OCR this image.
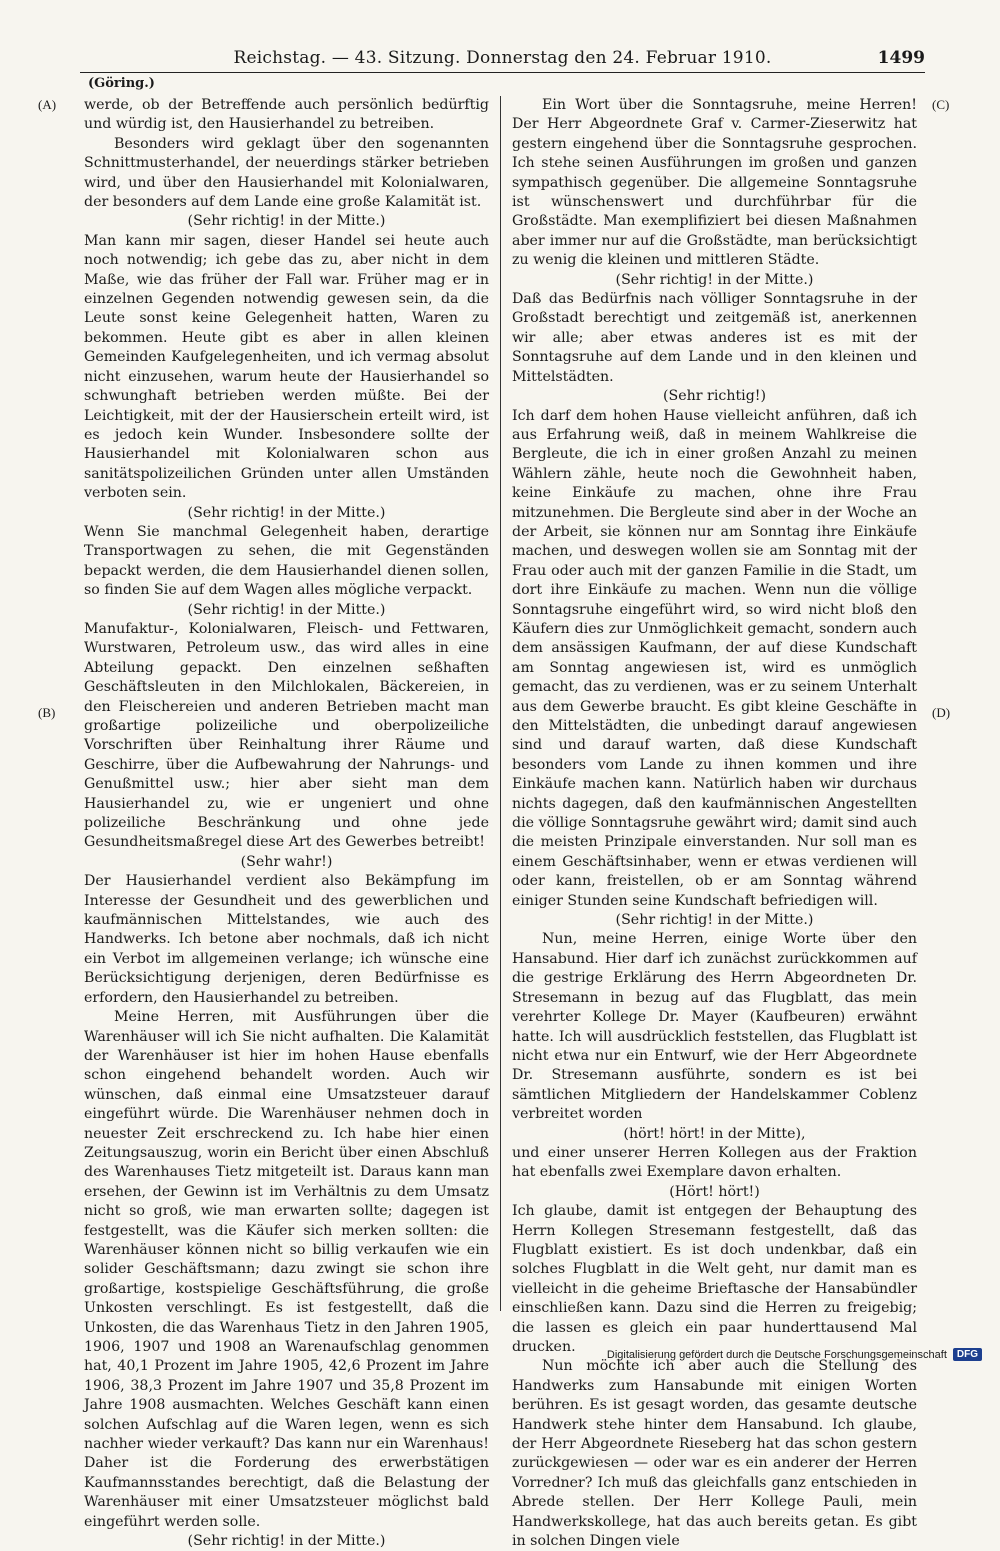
Reichstag. — 43. Sitzung. Donnerstag den 24. Februar 1910.	1499
(Göring.)
(A)
(B)
(C)
(D)

werde, ob der Betreffende auch persönlich bedürftig und würdig ist, den Hausierhandel zu betreiben.

Besonders wird geklagt über den sogenannten Schnittmusterhandel, der neuerdings stärker betrieben wird, und über den Hausierhandel mit Kolonialwaren, der besonders auf dem Lande eine große Kalamität ist.

(Sehr richtig! in der Mitte.)

Man kann mir sagen, dieser Handel sei heute auch noch notwendig; ich gebe das zu, aber nicht in dem Maße, wie das früher der Fall war. Früher mag er in einzelnen Gegenden notwendig gewesen sein, da die Leute sonst keine Gelegenheit hatten, Waren zu bekommen. Heute gibt es aber in allen kleinen Gemeinden Kaufgelegenheiten, und ich vermag absolut nicht einzusehen, warum heute der Hausierhandel so schwunghaft betrieben werden müßte. Bei der Leichtigkeit, mit der der Hausierschein erteilt wird, ist es jedoch kein Wunder. Insbesondere sollte der Hausierhandel mit Kolonialwaren schon aus sanitätspolizeilichen Gründen unter allen Umständen verboten sein.

(Sehr richtig! in der Mitte.)

Wenn Sie manchmal Gelegenheit haben, derartige Transportwagen zu sehen, die mit Gegenständen bepackt werden, die dem Hausierhandel dienen sollen, so finden Sie auf dem Wagen alles mögliche verpackt.

(Sehr richtig! in der Mitte.)

Manufaktur-, Kolonialwaren, Fleisch- und Fettwaren, Wurstwaren, Petroleum usw., das wird alles in eine Abteilung gepackt. Den einzelnen seßhaften Geschäftsleuten in den Milchlokalen, Bäckereien, in den Fleischereien und anderen Betrieben macht man großartige polizeiliche und oberpolizeiliche Vorschriften über Reinhaltung ihrer Räume und Geschirre, über die Aufbewahrung der Nahrungs- und Genußmittel usw.; hier aber sieht man dem Hausierhandel zu, wie er ungeniert und ohne polizeiliche Beschränkung und ohne jede Gesundheitsmaßregel diese Art des Gewerbes betreibt!

(Sehr wahr!)

Der Hausierhandel verdient also Bekämpfung im Interesse der Gesundheit und des gewerblichen und kaufmännischen Mittelstandes, wie auch des Handwerks. Ich betone aber nochmals, daß ich nicht ein Verbot im allgemeinen verlange; ich wünsche eine Berücksichtigung derjenigen, deren Bedürfnisse es erfordern, den Hausierhandel zu betreiben.

Meine Herren, mit Ausführungen über die Warenhäuser will ich Sie nicht aufhalten. Die Kalamität der Warenhäuser ist hier im hohen Hause ebenfalls schon eingehend behandelt worden. Auch wir wünschen, daß einmal eine Umsatzsteuer darauf eingeführt würde. Die Warenhäuser nehmen doch in neuester Zeit erschreckend zu. Ich habe hier einen Zeitungsauszug, worin ein Bericht über einen Abschluß des Warenhauses Tietz mitgeteilt ist. Daraus kann man ersehen, der Gewinn ist im Verhältnis zu dem Umsatz nicht so groß, wie man erwarten sollte; dagegen ist festgestellt, was die Käufer sich merken sollten: die Warenhäuser können nicht so billig verkaufen wie ein solider Geschäftsmann; dazu zwingt sie schon ihre großartige, kostspielige Geschäftsführung, die große Unkosten verschlingt. Es ist festgestellt, daß die Unkosten, die das Warenhaus Tietz in den Jahren 1905, 1906, 1907 und 1908 an Warenaufschlag genommen hat, 40,1 Prozent im Jahre 1905, 42,6 Prozent im Jahre 1906, 38,3 Prozent im Jahre 1907 und 35,8 Prozent im Jahre 1908 ausmachten. Welches Geschäft kann einen solchen Aufschlag auf die Waren legen, wenn es sich nachher wieder verkauft? Das kann nur ein Warenhaus! Daher ist die Forderung des erwerbstätigen Kaufmannsstandes berechtigt, daß die Belastung der Warenhäuser mit einer Umsatzsteuer möglichst bald eingeführt werden solle.

(Sehr richtig! in der Mitte.)

Ein Wort über die Sonntagsruhe, meine Herren! Der Herr Abgeordnete Graf v. Carmer-Zieserwitz hat gestern eingehend über die Sonntagsruhe gesprochen. Ich stehe seinen Ausführungen im großen und ganzen sympathisch gegenüber. Die allgemeine Sonntagsruhe ist wünschenswert und durchführbar für die Großstädte. Man exemplifiziert bei diesen Maßnahmen aber immer nur auf die Großstädte, man berücksichtigt zu wenig die kleinen und mittleren Städte.

(Sehr richtig! in der Mitte.)

Daß das Bedürfnis nach völliger Sonntagsruhe in der Großstadt berechtigt und zeitgemäß ist, anerkennen wir alle; aber etwas anderes ist es mit der Sonntagsruhe auf dem Lande und in den kleinen und Mittelstädten.

(Sehr richtig!)

Ich darf dem hohen Hause vielleicht anführen, daß ich aus Erfahrung weiß, daß in meinem Wahlkreise die Bergleute, die ich in einer großen Anzahl zu meinen Wählern zähle, heute noch die Gewohnheit haben, keine Einkäufe zu machen, ohne ihre Frau mitzunehmen. Die Bergleute sind aber in der Woche an der Arbeit, sie können nur am Sonntag ihre Einkäufe machen, und deswegen wollen sie am Sonntag mit der Frau oder auch mit der ganzen Familie in die Stadt, um dort ihre Einkäufe zu machen. Wenn nun die völlige Sonntagsruhe eingeführt wird, so wird nicht bloß den Käufern dies zur Unmöglichkeit gemacht, sondern auch dem ansässigen Kaufmann, der auf diese Kundschaft am Sonntag angewiesen ist, wird es unmöglich gemacht, das zu verdienen, was er zu seinem Unterhalt aus dem Gewerbe braucht. Es gibt kleine Geschäfte in den Mittelstädten, die unbedingt darauf angewiesen sind und darauf warten, daß diese Kundschaft besonders vom Lande zu ihnen kommen und ihre Einkäufe machen kann. Natürlich haben wir durchaus nichts dagegen, daß den kaufmännischen Angestellten die völlige Sonntagsruhe gewährt wird; damit sind auch die meisten Prinzipale einverstanden. Nur soll man es einem Geschäftsinhaber, wenn er etwas verdienen will oder kann, freistellen, ob er am Sonntag während einiger Stunden seine Kundschaft befriedigen will.

(Sehr richtig! in der Mitte.)

Nun, meine Herren, einige Worte über den Hansabund. Hier darf ich zunächst zurückkommen auf die gestrige Erklärung des Herrn Abgeordneten Dr. Stresemann in bezug auf das Flugblatt, das mein verehrter Kollege Dr. Mayer (Kaufbeuren) erwähnt hatte. Ich will ausdrücklich feststellen, das Flugblatt ist nicht etwa nur ein Entwurf, wie der Herr Abgeordnete Dr. Stresemann ausführte, sondern es ist bei sämtlichen Mitgliedern der Handelskammer Coblenz verbreitet worden

(hört! hört! in der Mitte),

und einer unserer Herren Kollegen aus der Fraktion hat ebenfalls zwei Exemplare davon erhalten.

(Hört! hört!)

Ich glaube, damit ist entgegen der Behauptung des Herrn Kollegen Stresemann festgestellt, daß das Flugblatt existiert. Es ist doch undenkbar, daß ein solches Flugblatt in die Welt geht, nur damit man es vielleicht in die geheime Brieftasche der Hansabündler einschließen kann. Dazu sind die Herren zu freigebig; die lassen es gleich ein paar hunderttausend Mal drucken.

Nun möchte ich aber auch die Stellung des Handwerks zum Hansabunde mit einigen Worten berühren. Es ist gesagt worden, das gesamte deutsche Handwerk stehe hinter dem Hansabund. Ich glaube, der Herr Abgeordnete Rieseberg hat das schon gestern zurückgewiesen — oder war es ein anderer der Herren Vorredner? Ich muß das gleichfalls ganz entschieden in Abrede stellen. Der Herr Kollege Pauli, mein Handwerkskollege, hat das auch bereits getan. Es gibt in solchen Dingen viele

Digitalisierung gefördert durch die Deutsche Forschungsgemeinschaft	DFG
